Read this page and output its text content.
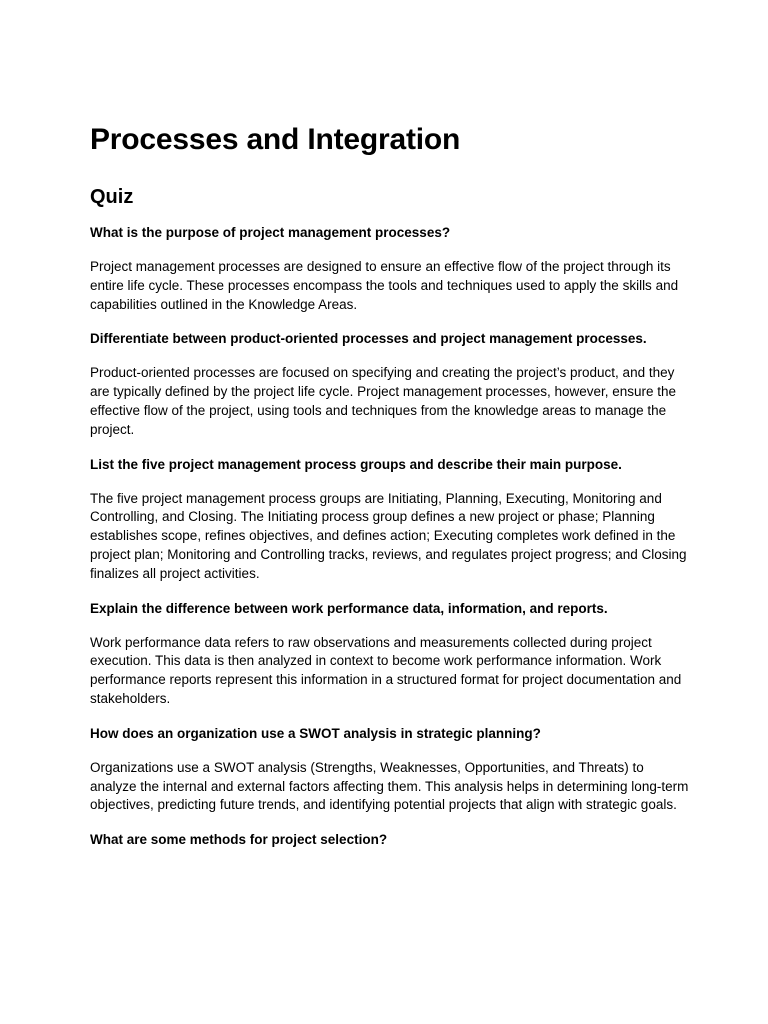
Processes and Integration
Quiz

What is the purpose of project management processes?

Project management processes are designed to ensure an effective flow of the project through its entire life cycle. These processes encompass the tools and techniques used to apply the skills and capabilities outlined in the Knowledge Areas.

Differentiate between product-oriented processes and project management processes.

Product-oriented processes are focused on specifying and creating the project’s product, and they are typically defined by the project life cycle. Project management processes, however, ensure the effective flow of the project, using tools and techniques from the knowledge areas to manage the project.

List the five project management process groups and describe their main purpose.

The five project management process groups are Initiating, Planning, Executing, Monitoring and Controlling, and Closing. The Initiating process group defines a new project or phase; Planning establishes scope, refines objectives, and defines action; Executing completes work defined in the project plan; Monitoring and Controlling tracks, reviews, and regulates project progress; and Closing finalizes all project activities.

Explain the difference between work performance data, information, and reports.

Work performance data refers to raw observations and measurements collected during project execution. This data is then analyzed in context to become work performance information. Work performance reports represent this information in a structured format for project documentation and stakeholders.

How does an organization use a SWOT analysis in strategic planning?

Organizations use a SWOT analysis (Strengths, Weaknesses, Opportunities, and Threats) to analyze the internal and external factors affecting them. This analysis helps in determining long-term objectives, predicting future trends, and identifying potential projects that align with strategic goals.

What are some methods for project selection?
